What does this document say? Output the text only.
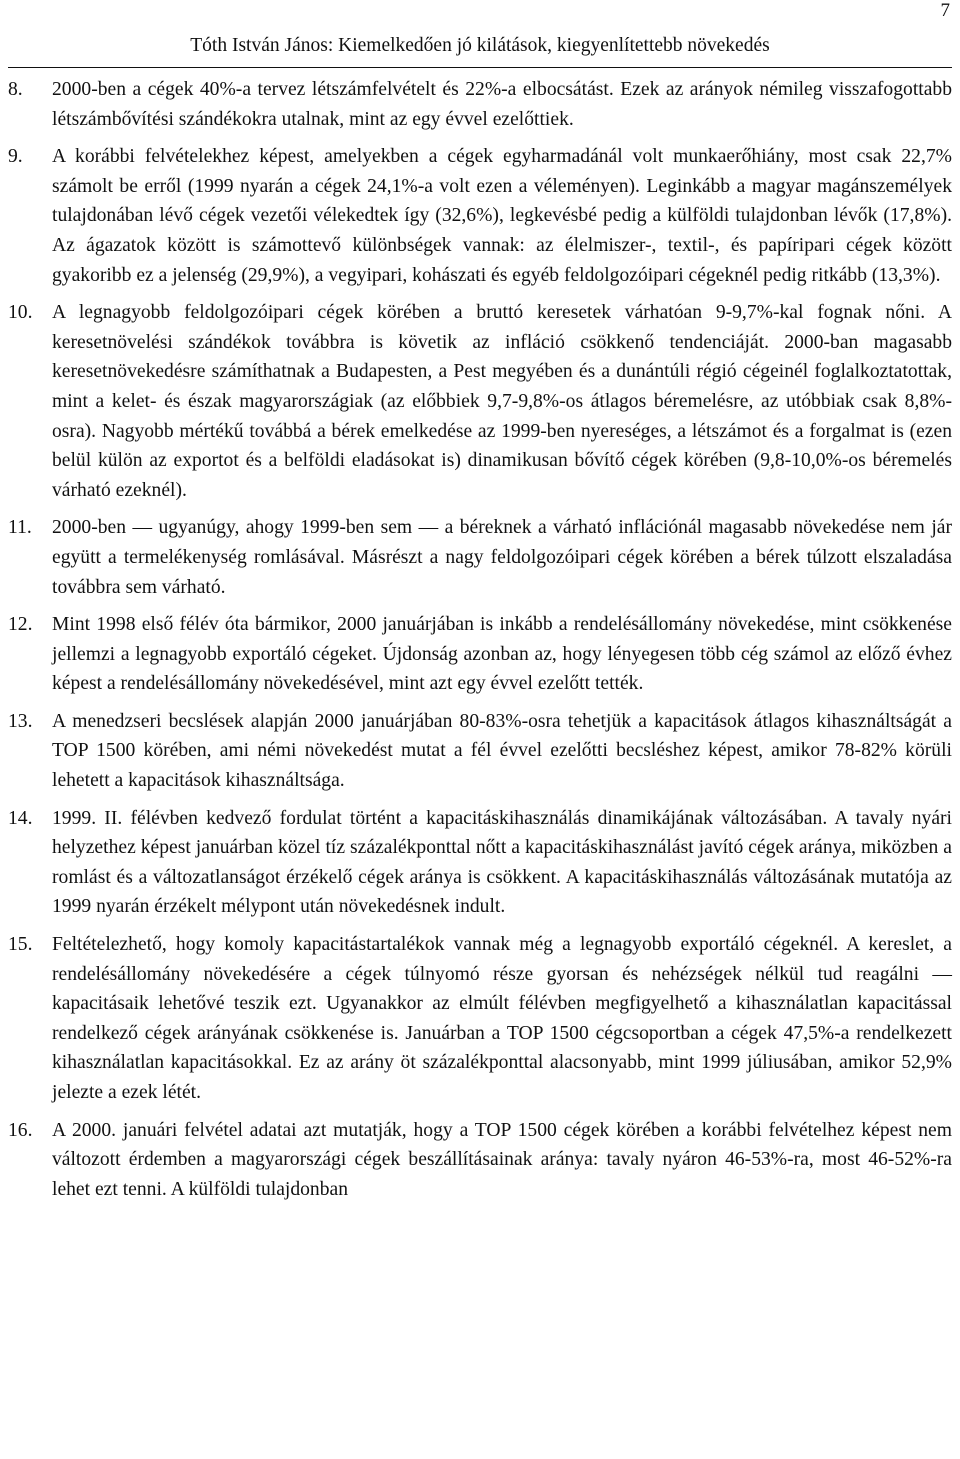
7
Tóth István János: Kiemelkedően jó kilátások, kiegyenlítettebb növekedés
8.	2000-ben a cégek 40%-a tervez létszámfelvételt és 22%-a elbocsátást. Ezek az arányok némileg visszafogottabb létszámbővítési szándékokra utalnak, mint az egy évvel ezelőttiek.
9.	A korábbi felvételekhez képest, amelyekben a cégek egyharmadánál volt munkaerőhiány, most csak 22,7% számolt be erről (1999 nyarán a cégek 24,1%-a volt ezen a véleményen). Leginkább a magyar magánszemélyek tulajdonában lévő cégek vezetői vélekedtek így (32,6%), legkevésbé pedig a külföldi tulajdonban lévők (17,8%). Az ágazatok között is számottevő különbségek vannak: az élelmiszer-, textil-, és papíripari cégek között gyakoribb ez a jelenség (29,9%), a vegyipari, kohászati és egyéb feldolgozóipari cégeknél pedig ritkább (13,3%).
10. A legnagyobb feldolgozóipari cégek körében a bruttó keresetek várhatóan 9-9,7%-kal fognak nőni. A keresetnövelési szándékok továbbra is követik az infláció csökkenő tendenciáját. 2000-ban magasabb keresetnövekedésre számíthatnak a Budapesten, a Pest megyében és a dunántúli régió cégeinél foglalkoztatottak, mint a kelet- és észak magyarországiak (az előbbiek 9,7-9,8%-os átlagos béremelésre, az utóbbiak csak 8,8%-osra). Nagyobb mértékű továbbá a bérek emelkedése az 1999-ben nyereséges, a létszámot és a forgalmat is (ezen belül külön az exportot és a belföldi eladásokat is) dinamikusan bővítő cégek körében (9,8-10,0%-os béremelés várható ezeknél).
11.	2000-ben — ugyanúgy, ahogy 1999-ben sem — a béreknek a várható inflációnál magasabb növekedése nem jár együtt a termelékenység romlásával. Másrészt a nagy feldolgozóipari cégek körében a bérek túlzott elszaladása továbbra sem várható.
12. Mint 1998 első félév óta bármikor, 2000 januárjában is inkább a rendelésállomány növekedése, mint csökkenése jellemzi a legnagyobb exportáló cégeket. Újdonság azonban az, hogy lényegesen több cég számol az előző évhez képest a rendelésállomány növekedésével, mint azt egy évvel ezelőtt tették.
13. A menedzseri becslések alapján 2000 januárjában 80-83%-osra tehetjük a kapacitások átlagos kihasználtságát a TOP 1500 körében, ami némi növekedést mutat a fél évvel ezelőtti becsléshez képest, amikor 78-82% körüli lehetett a kapacitások kihasználtsága.
14. 1999. II. félévben kedvező fordulat történt a kapacitáskihasználás dinamikájának változásában. A tavaly nyári helyzethez képest januárban közel tíz százalékponttal nőtt a kapacitáskihasználást javító cégek aránya, miközben a romlást és a változatlanságot érzékelő cégek aránya is csökkent. A kapacitáskihasználás változásának mutatója az 1999 nyarán érzékelt mélypont után növekedésnek indult.
15. Feltételezhető, hogy komoly kapacitástartalékok vannak még a legnagyobb exportáló cégeknél. A kereslet, a rendelésállomány növekedésére a cégek túlnyomó része gyorsan és nehézségek nélkül tud reagálni — kapacitásaik lehetővé teszik ezt. Ugyanakkor az elmúlt félévben megfigyelhető a kihasználatlan kapacitással rendelkező cégek arányának csökkenése is. Januárban a TOP 1500 cégcsoportban a cégek 47,5%-a rendelkezett kihasználatlan kapacitásokkal. Ez az arány öt százalékponttal alacsonyabb, mint 1999 júliusában, amikor 52,9% jelezte a ezek létét.
16. A 2000. januári felvétel adatai azt mutatják, hogy a TOP 1500 cégek körében a korábbi felvételhez képest nem változott érdemben a magyarországi cégek beszállításainak aránya: tavaly nyáron 46-53%-ra, most 46-52%-ra lehet ezt tenni. A külföldi tulajdonban
